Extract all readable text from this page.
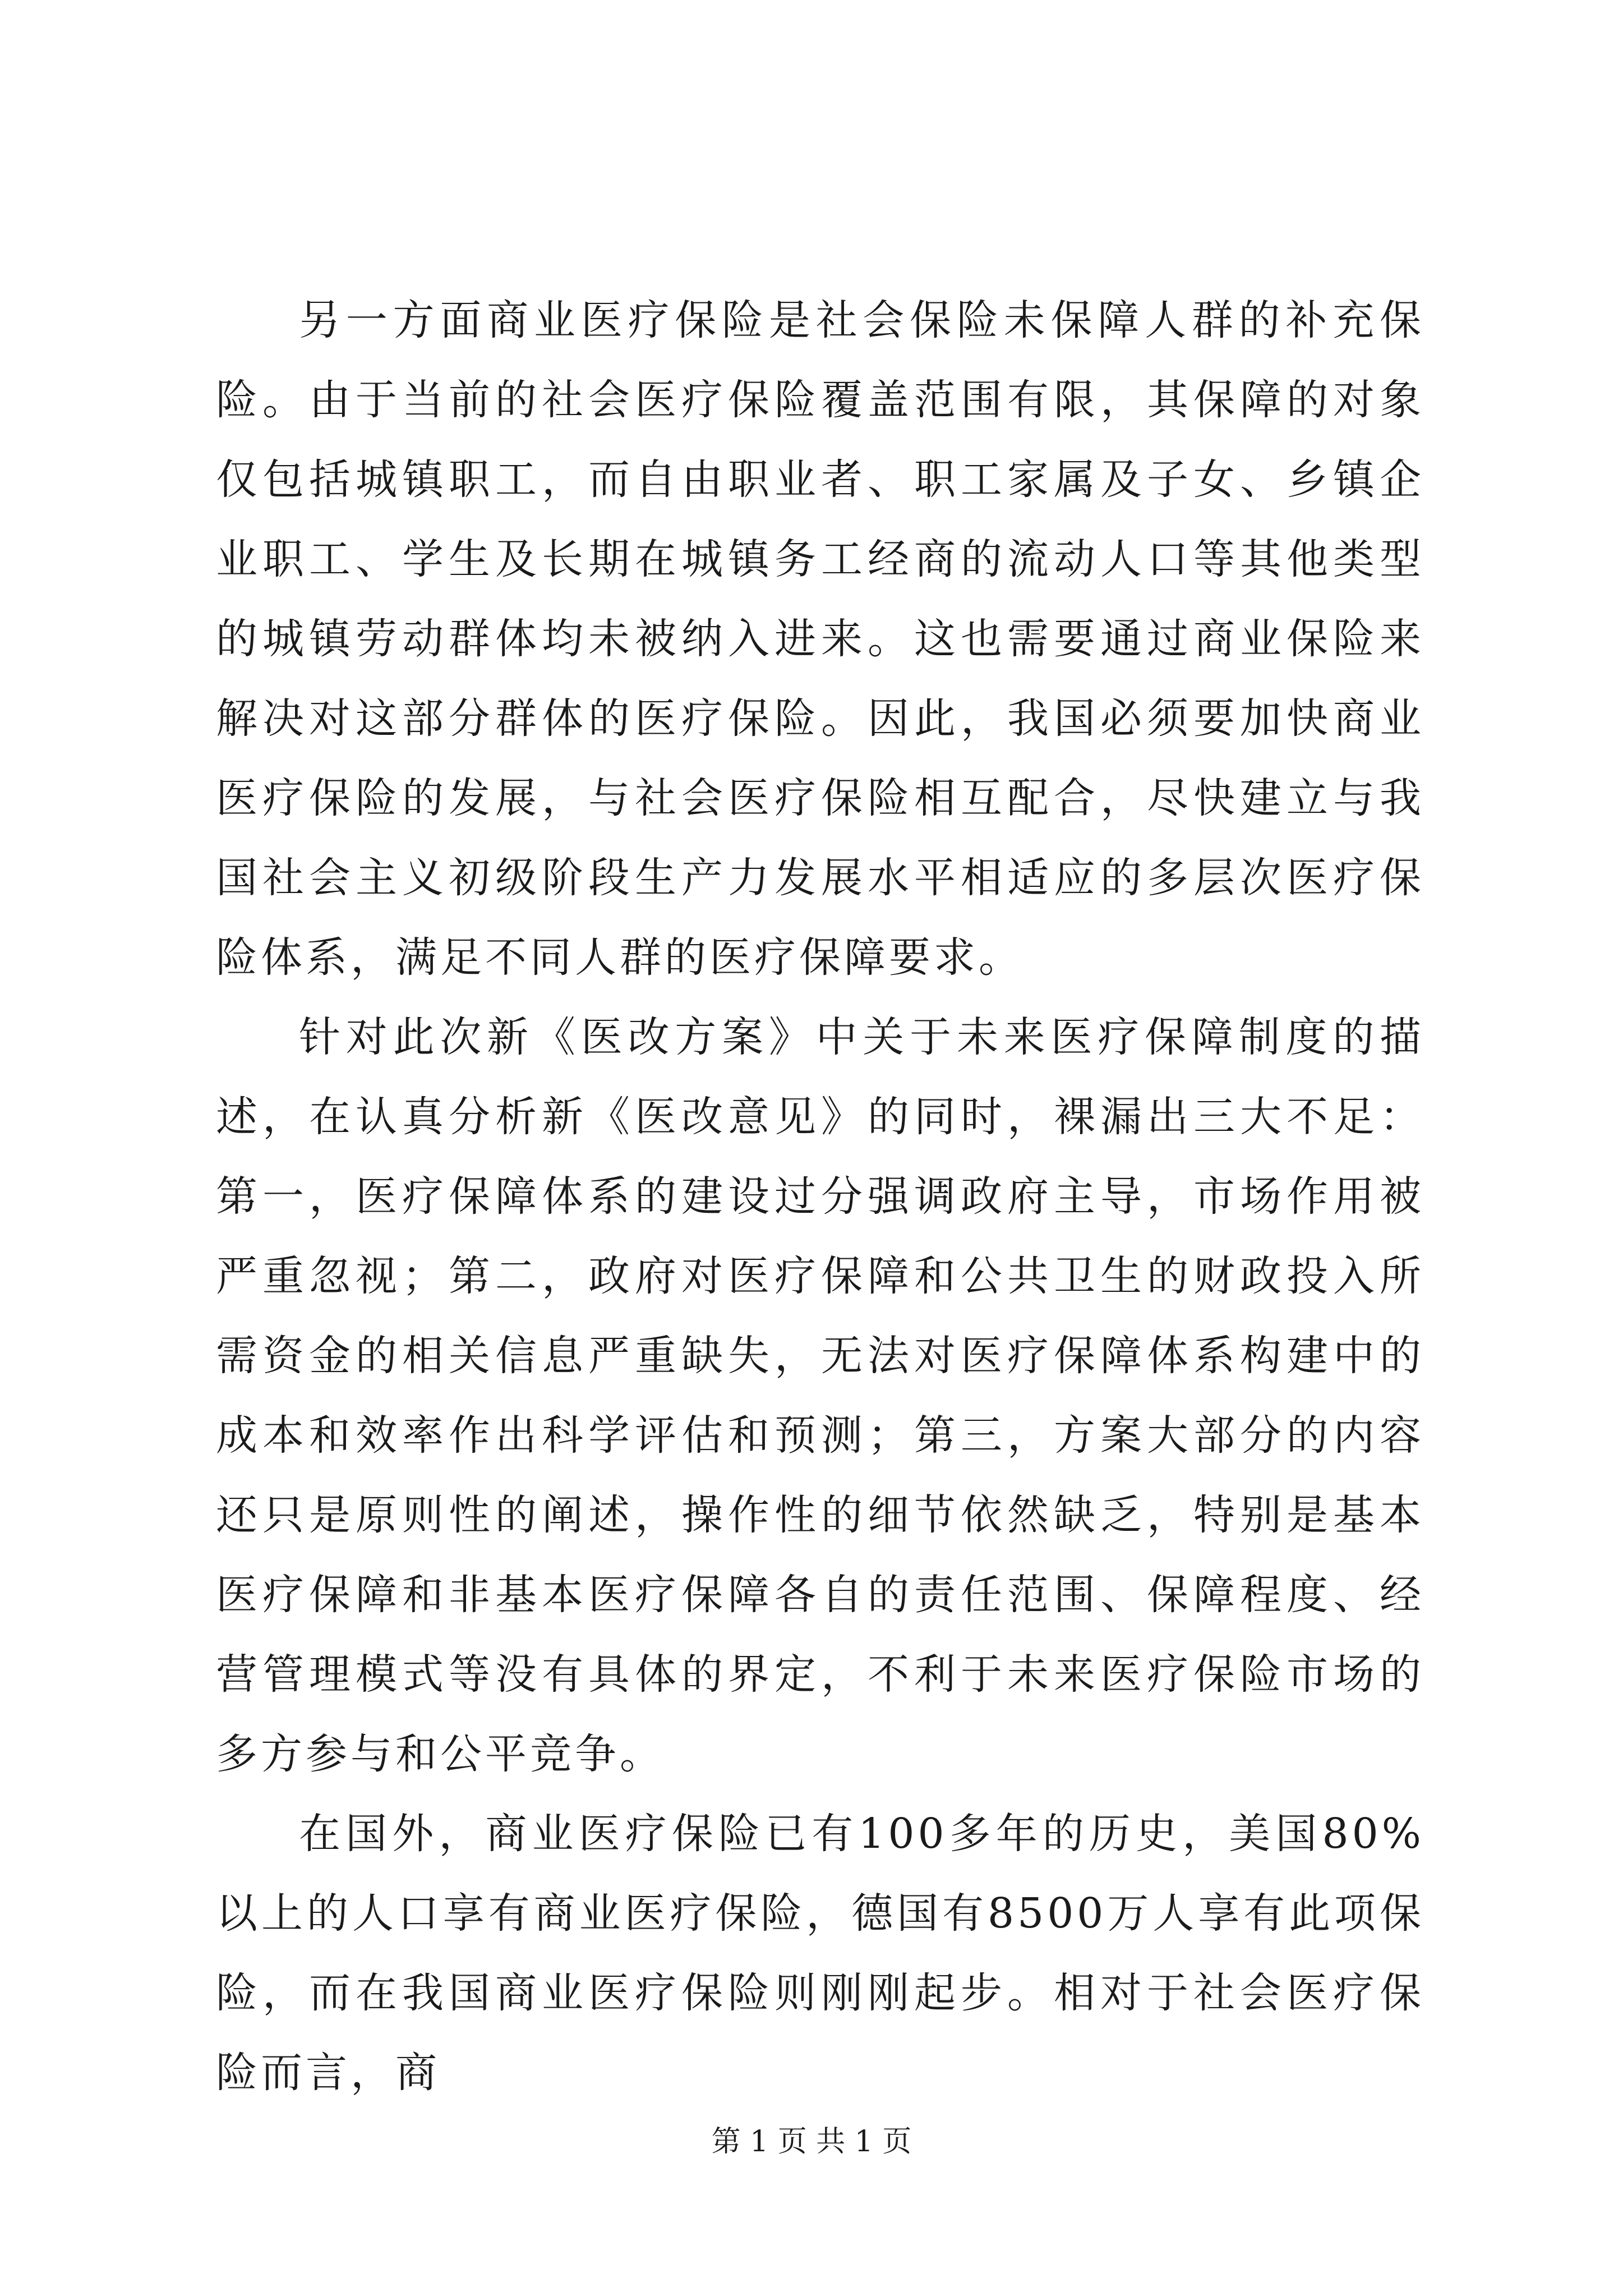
另一方面商业医疗保险是社会保险未保障人群的补充保险。由于当前的社会医疗保险覆盖范围有限，其保障的对象仅包括城镇职工，而自由职业者、职工家属及子女、乡镇企业职工、学生及长期在城镇务工经商的流动人口等其他类型的城镇劳动群体均未被纳入进来。这也需要通过商业保险来解决对这部分群体的医疗保险。因此，我国必须要加快商业医疗保险的发展，与社会医疗保险相互配合，尽快建立与我国社会主义初级阶段生产力发展水平相适应的多层次医疗保险体系，满足不同人群的医疗保障要求。

针对此次新《医改方案》中关于未来医疗保障制度的描述，在认真分析新《医改意见》的同时，裸漏出三大不足：第一，医疗保障体系的建设过分强调政府主导，市场作用被严重忽视；第二，政府对医疗保障和公共卫生的财政投入所需资金的相关信息严重缺失，无法对医疗保障体系构建中的成本和效率作出科学评估和预测；第三，方案大部分的内容还只是原则性的阐述，操作性的细节依然缺乏，特别是基本医疗保障和非基本医疗保障各自的责任范围、保障程度、经营管理模式等没有具体的界定，不利于未来医疗保险市场的多方参与和公平竞争。

在国外，商业医疗保险已有100多年的历史，美国80%以上的人口享有商业医疗保险，德国有8500万人享有此项保险，而在我国商业医疗保险则刚刚起步。相对于社会医疗保险而言，商

第 1 页 共 1 页
